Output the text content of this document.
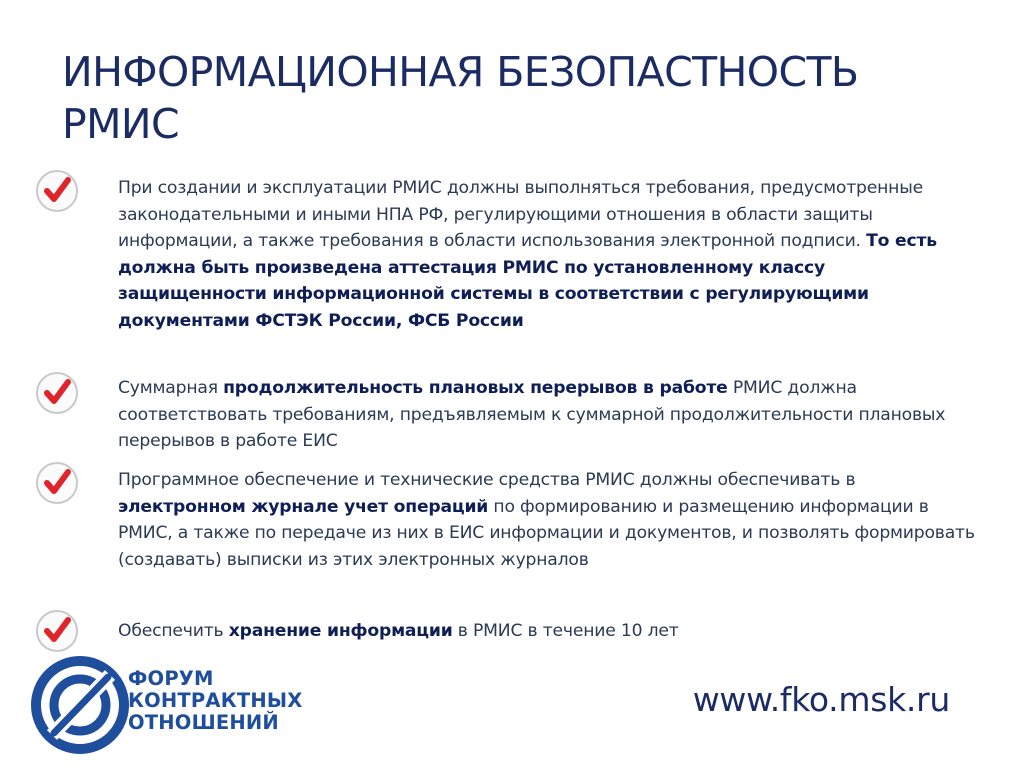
ИНФОРМАЦИОННАЯ БЕЗОПАСТНОСТЬ
РМИС
При создании и эксплуатации РМИС должны выполняться требования, предусмотренные законодательными и иными НПА РФ, регулирующими отношения в области защиты информации, а также требования в области использования электронной подписи. То есть должна быть произведена аттестация РМИС по установленному классу защищенности информационной системы в соответствии с регулирующими документами ФСТЭК России, ФСБ России
Суммарная продолжительность плановых перерывов в работе РМИС должна соответствовать требованиям, предъявляемым к суммарной продолжительности плановых перерывов в работе ЕИС
Программное обеспечение и технические средства РМИС должны обеспечивать в электронном журнале учет операций по формированию и размещению информации в РМИС, а также по передаче из них в ЕИС информации и документов, и позволять формировать (создавать) выписки из этих электронных журналов
Обеспечить хранение информации в РМИС в течение 10 лет
ФОРУМ
КОНТРАКТНЫХ
ОТНОШЕНИЙ
www.fko.msk.ru
